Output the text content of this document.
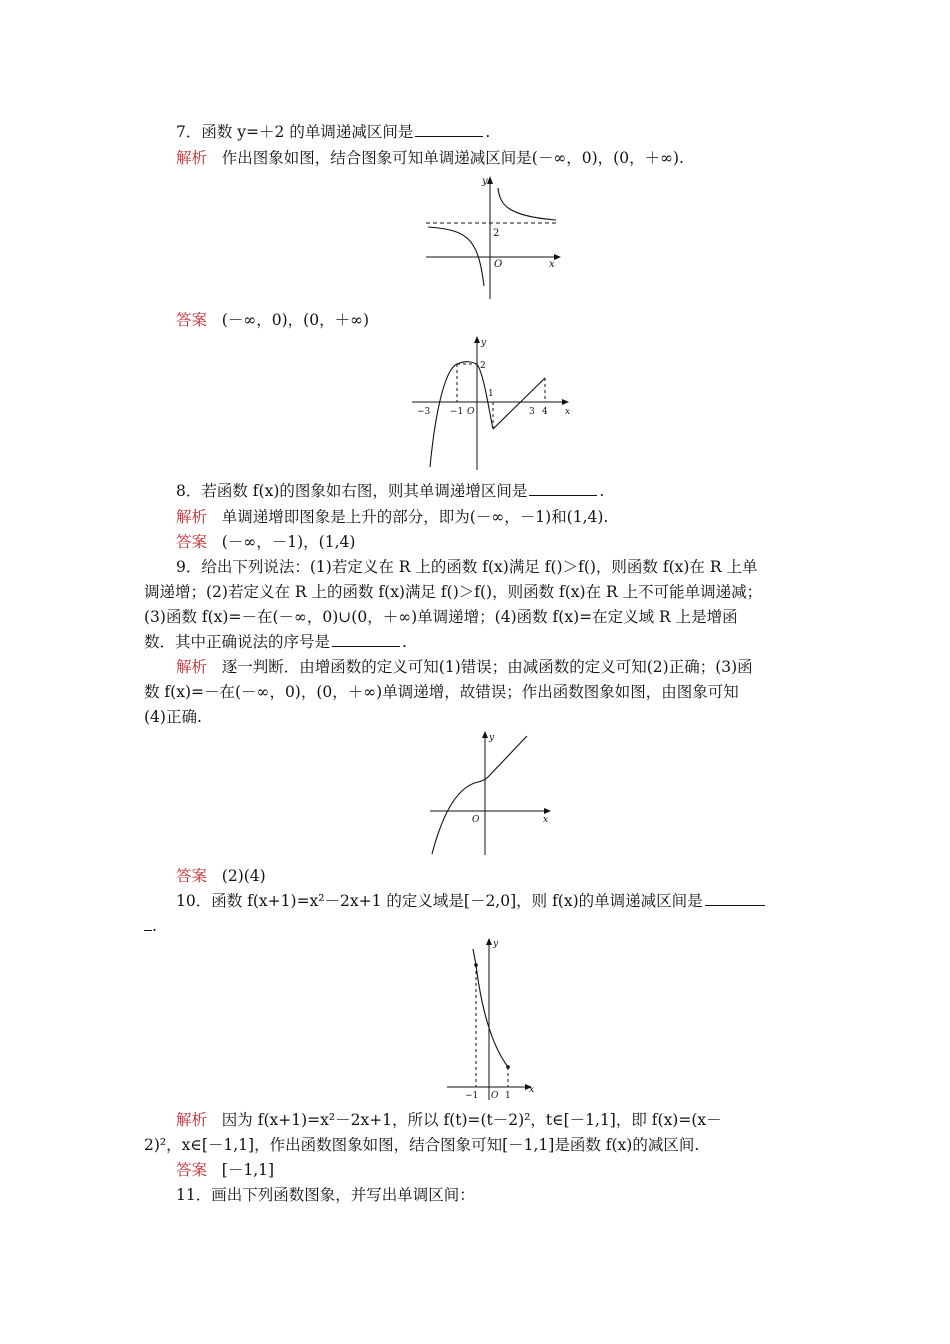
7．函数 y=＋2 的单调递减区间是	.
解析 作出图象如图，结合图象可知单调递减区间是(－∞，0)，(0，＋∞).
y
2
O	x
答案 (－∞，0)，(0，＋∞)
y
2
1
−3 −1 O	3 4 x
8．若函数 f(x)的图象如右图，则其单调递增区间是	.
解析 单调递增即图象是上升的部分，即为(－∞，－1)和(1,4).
答案 (－∞，－1)，(1,4)
9．给出下列说法：(1)若定义在 R 上的函数 f(x)满足 f()＞f()，则函数 f(x)在 R 上单
调递增；(2)若定义在 R 上的函数 f(x)满足 f()＞f()，则函数 f(x)在 R 上不可能单调递减；
(3)函数 f(x)=－在(－∞，0)∪(0，＋∞)单调递增；(4)函数 f(x)=在定义域 R 上是增函
数．其中正确说法的序号是	.
解析 逐一判断．由增函数的定义可知(1)错误；由减函数的定义可知(2)正确；(3)函
数 f(x)=－在(－∞，0)，(0，＋∞)单调递增，故错误；作出函数图象如图，由图象可知
(4)正确.
y
O	x
答案 (2)(4)
10．函数 f(x+1)=x²－2x+1 的定义域是[－2,0]，则 f(x)的单调递减区间是
.
y
−1 O 1
x
解析 因为 f(x+1)=x²－2x+1，所以 f(t)=(t－2)²，t∈[－1,1]，即 f(x)=(x－
2)²，x∈[－1,1]，作出函数图象如图，结合图象可知[－1,1]是函数 f(x)的减区间.
答案 [－1,1]
11．画出下列函数图象，并写出单调区间：
